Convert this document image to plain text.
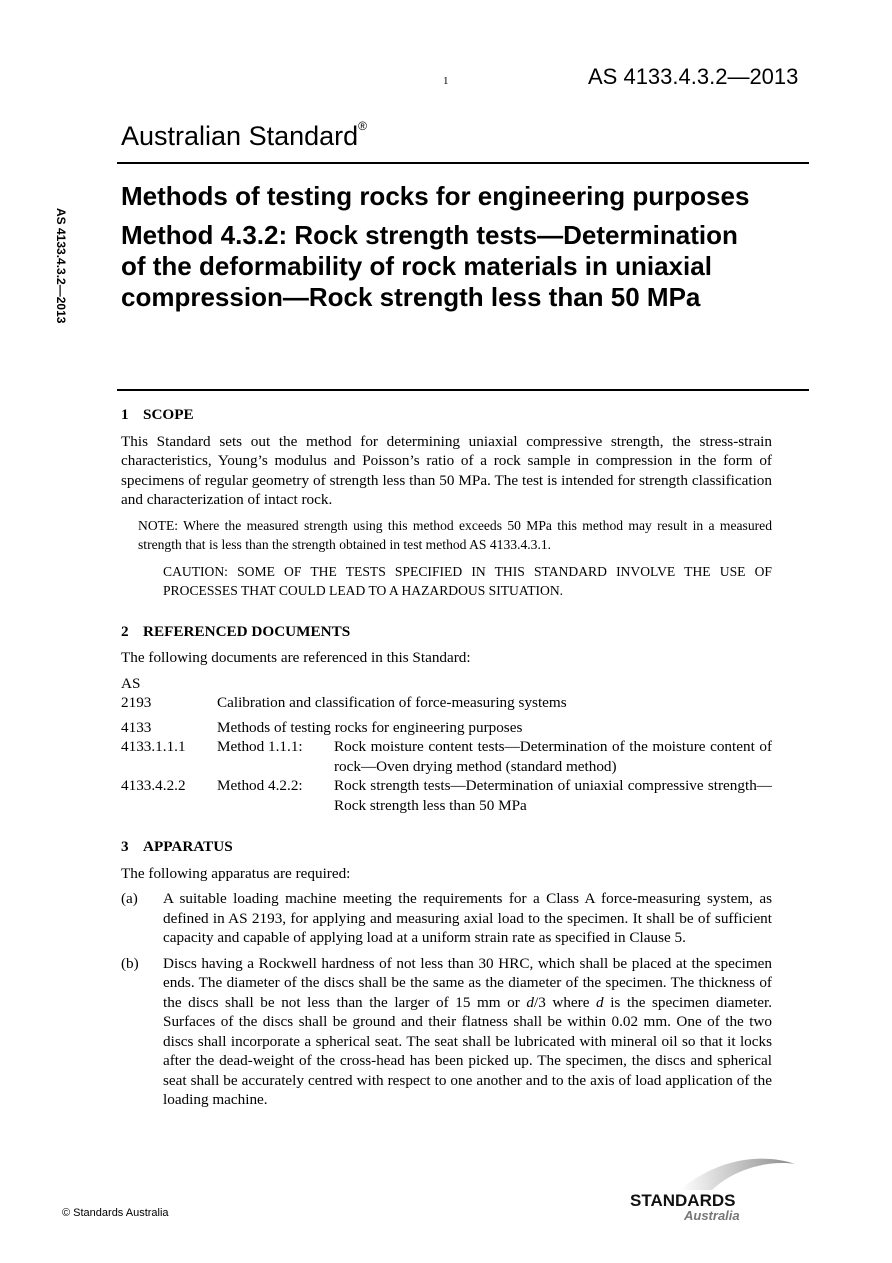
1	AS 4133.4.3.2—2013
Australian Standard®
AS 4133.4.3.2—2013
Methods of testing rocks for engineering purposes
Method 4.3.2: Rock strength tests—Determination of the deformability of rock materials in uniaxial compression—Rock strength less than 50 MPa
1 SCOPE
This Standard sets out the method for determining uniaxial compressive strength, the stress-strain characteristics, Young’s modulus and Poisson’s ratio of a rock sample in compression in the form of specimens of regular geometry of strength less than 50 MPa. The test is intended for strength classification and characterization of intact rock.
NOTE: Where the measured strength using this method exceeds 50 MPa this method may result in a measured strength that is less than the strength obtained in test method AS 4133.4.3.1.
CAUTION: SOME OF THE TESTS SPECIFIED IN THIS STANDARD INVOLVE THE USE OF PROCESSES THAT COULD LEAD TO A HAZARDOUS SITUATION.
2 REFERENCED DOCUMENTS
The following documents are referenced in this Standard:
AS
2193	Calibration and classification of force-measuring systems
4133	Methods of testing rocks for engineering purposes
4133.1.1.1	Method 1.1.1:	Rock moisture content tests—Determination of the moisture content of rock—Oven drying method (standard method)
4133.4.2.2	Method 4.2.2:	Rock strength tests—Determination of uniaxial compressive strength—Rock strength less than 50 MPa
3 APPARATUS
The following apparatus are required:
(a)	A suitable loading machine meeting the requirements for a Class A force-measuring system, as defined in AS 2193, for applying and measuring axial load to the specimen. It shall be of sufficient capacity and capable of applying load at a uniform strain rate as specified in Clause 5.
(b)	Discs having a Rockwell hardness of not less than 30 HRC, which shall be placed at the specimen ends. The diameter of the discs shall be the same as the diameter of the specimen. The thickness of the discs shall be not less than the larger of 15 mm or d/3 where d is the specimen diameter. Surfaces of the discs shall be ground and their flatness shall be within 0.02 mm. One of the two discs shall incorporate a spherical seat. The seat shall be lubricated with mineral oil so that it locks after the dead-weight of the cross-head has been picked up. The specimen, the discs and spherical seat shall be accurately centred with respect to one another and to the axis of load application of the loading machine.
© Standards Australia
STANDARDS
Australia
